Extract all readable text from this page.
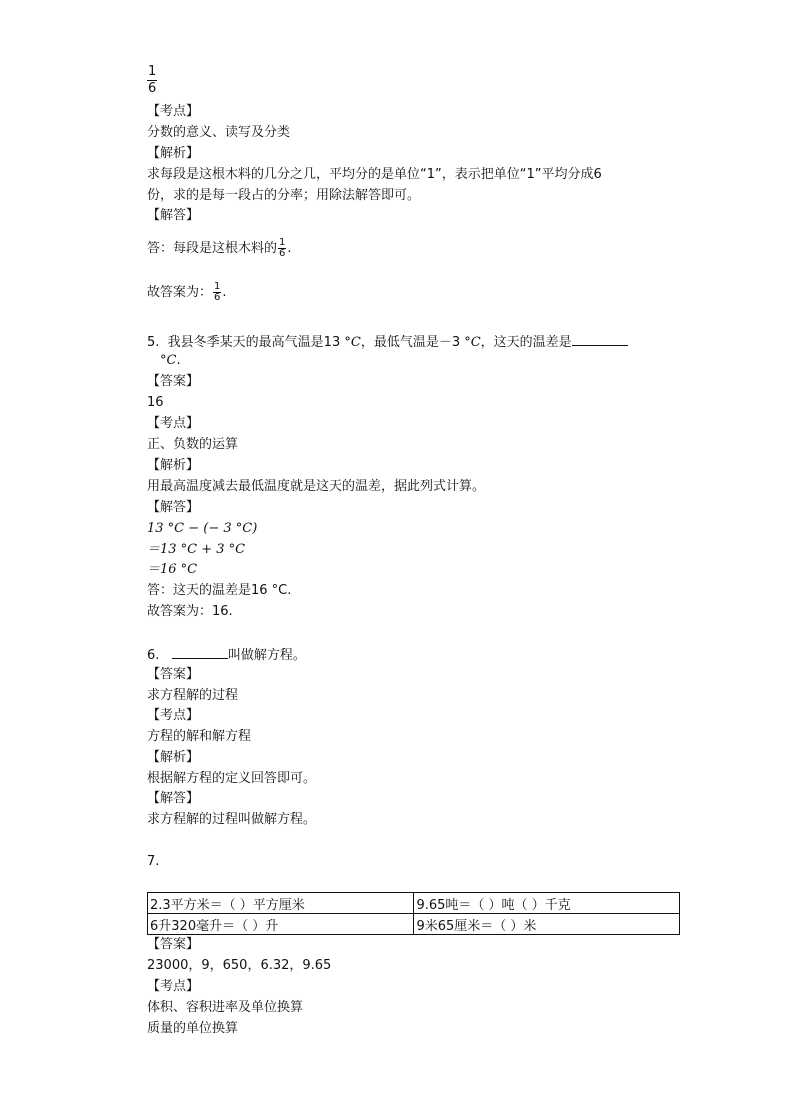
$\frac{1}{6}$
【考点】
分数的意义、读写及分类
【解析】
求每段是这根木料的几分之几，平均分的是单位“1”，表示把单位“1”平均分成6
份，求的是每一段占的分率；用除法解答即可。
【解答】
答：每段是这根木料的 $\frac{1}{6}$ .
故答案为： $\frac{1}{6}$ .
5. 我县冬季某天的最高气温是13 °C，最低气温是－3 °C，这天的温差是
°C.
【答案】
16
【考点】
正、负数的运算
【解析】
用最高温度减去最低温度就是这天的温差，据此列式计算。
【解答】
13 °C − (− 3 °C)
＝13 °C + 3 °C
＝16 °C
答：这天的温差是16 °C.
故答案为：16.
6.	叫做解方程。
【答案】
求方程解的过程
【考点】
方程的解和解方程
【解析】
根据解方程的定义回答即可。
【解答】
求方程解的过程叫做解方程。
7.
2.3平方米＝（ ）平方厘米	9.65吨＝（ ）吨（ ）千克
6升320毫升＝（ ）升	9米65厘米＝（ ）米
【答案】
23000，9，650，6.32，9.65
【考点】
体积、容积进率及单位换算
质量的单位换算
